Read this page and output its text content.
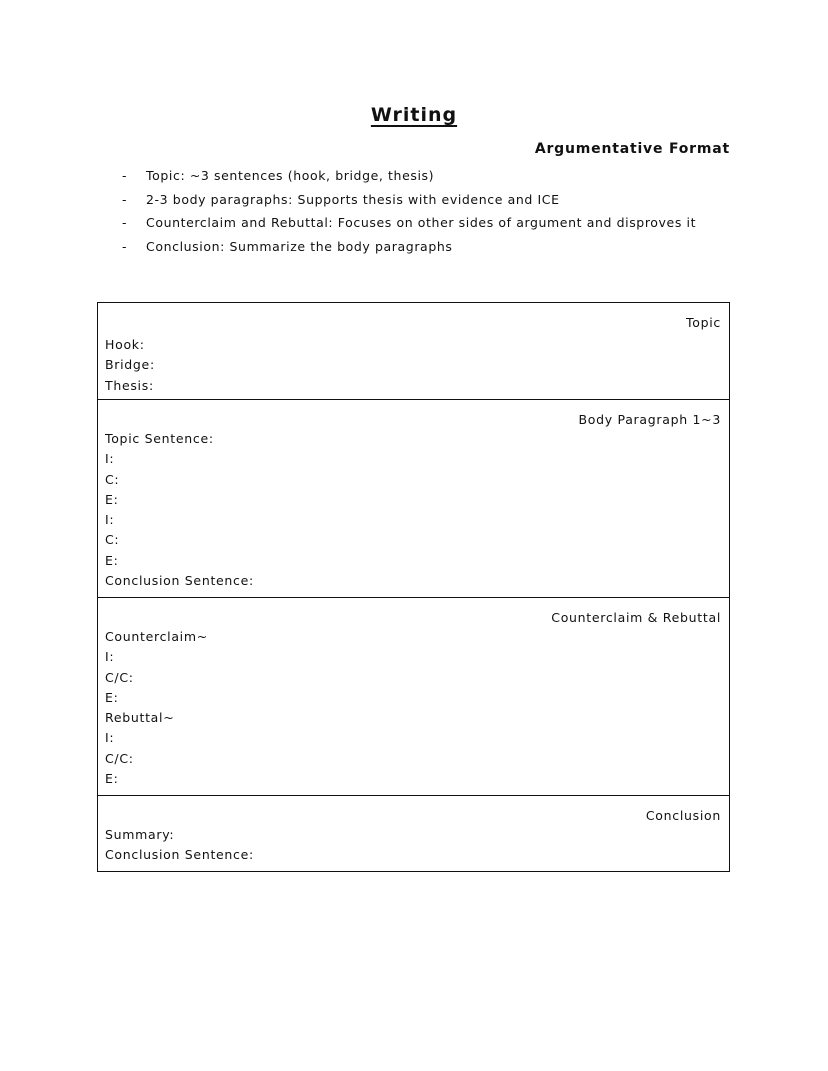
Writing
Argumentative Format
- Topic: ~3 sentences (hook, bridge, thesis)
- 2-3 body paragraphs: Supports thesis with evidence and ICE
- Counterclaim and Rebuttal: Focuses on other sides of argument and disproves it
- Conclusion: Summarize the body paragraphs
Topic
Hook:
Bridge:
Thesis:
Body Paragraph 1~3
Topic Sentence:
I:
C:
E:
I:
C:
E:
Conclusion Sentence:
Counterclaim & Rebuttal
Counterclaim~
I:
C/C:
E:
Rebuttal~
I:
C/C:
E:
Conclusion
Summary:
Conclusion Sentence:
